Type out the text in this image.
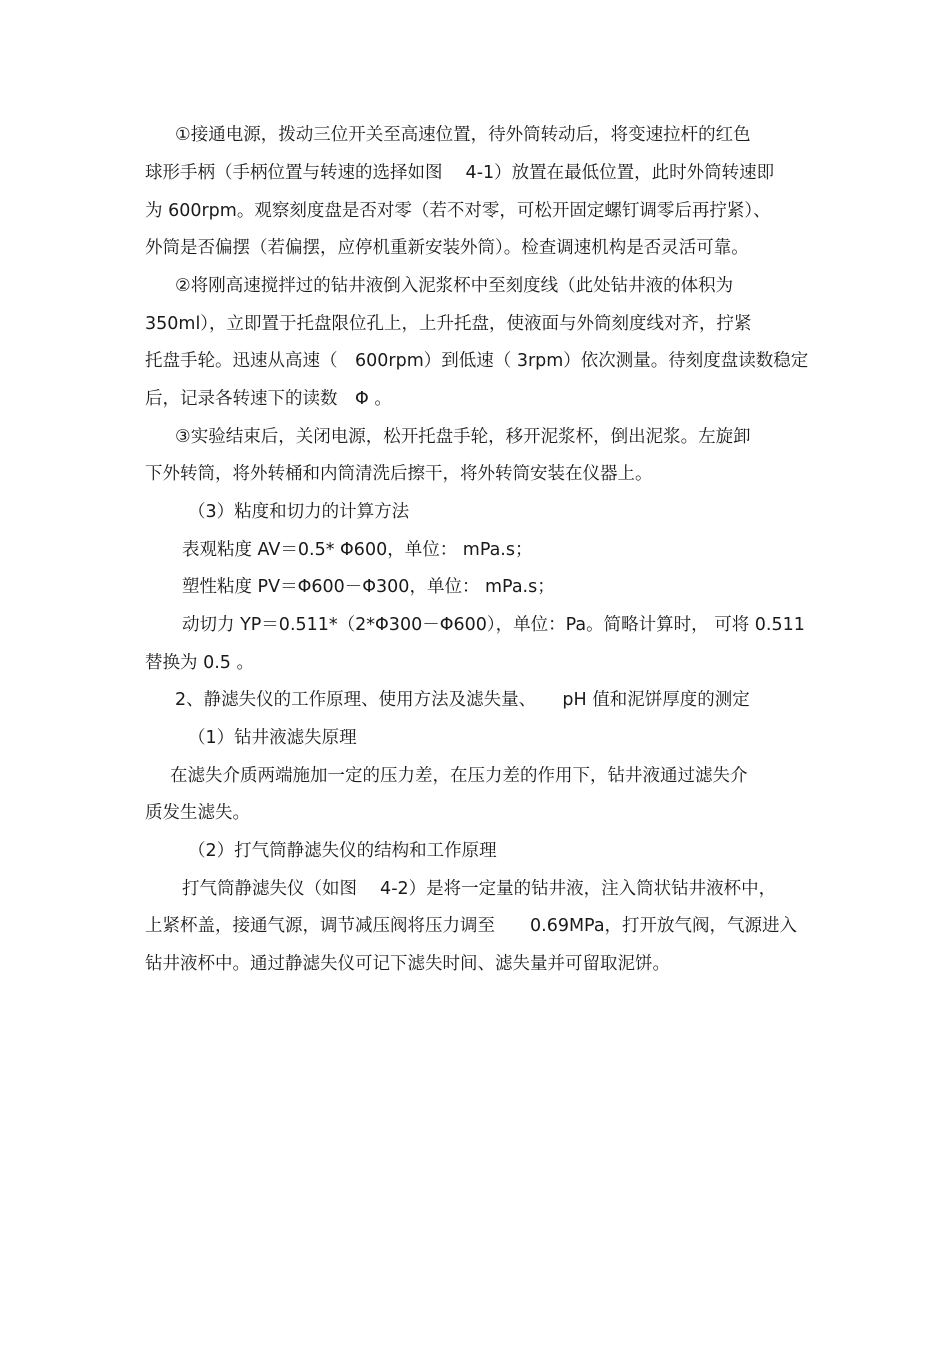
①接通电源，拨动三位开关至高速位置，待外筒转动后，将变速拉杆的红色
球形手柄（手柄位置与转速的选择如图　 4-1）放置在最低位置，此时外筒转速即
为 600rpm。观察刻度盘是否对零（若不对零，可松开固定螺钉调零后再拧紧）、
外筒是否偏摆（若偏摆，应停机重新安装外筒）。检查调速机构是否灵活可靠。
②将刚高速搅拌过的钻井液倒入泥浆杯中至刻度线（此处钻井液的体积为
350ml），立即置于托盘限位孔上，上升托盘，使液面与外筒刻度线对齐，拧紧
托盘手轮。迅速从高速（　600rpm）到低速（ 3rpm）依次测量。待刻度盘读数稳定
后，记录各转速下的读数　Φ 。
③实验结束后，关闭电源，松开托盘手轮，移开泥浆杯，倒出泥浆。左旋卸
下外转筒，将外转桶和内筒清洗后擦干，将外转筒安装在仪器上。
（3）粘度和切力的计算方法
表观粘度 AV＝0.5* Φ600，单位： mPa.s；
塑性粘度 PV＝Φ600－Φ300，单位： mPa.s；
动切力 YP＝0.511*（2*Φ300－Φ600），单位：Pa。简略计算时， 可将 0.511
替换为 0.5 。
2、静滤失仪的工作原理、使用方法及滤失量、　　pH 值和泥饼厚度的测定
（1）钻井液滤失原理
在滤失介质两端施加一定的压力差，在压力差的作用下，钻井液通过滤失介
质发生滤失。
（2）打气筒静滤失仪的结构和工作原理
打气筒静滤失仪（如图　 4-2）是将一定量的钻井液，注入筒状钻井液杯中，
上紧杯盖，接通气源，调节减压阀将压力调至　　0.69MPa，打开放气阀，气源进入
钻井液杯中。通过静滤失仪可记下滤失时间、滤失量并可留取泥饼。
